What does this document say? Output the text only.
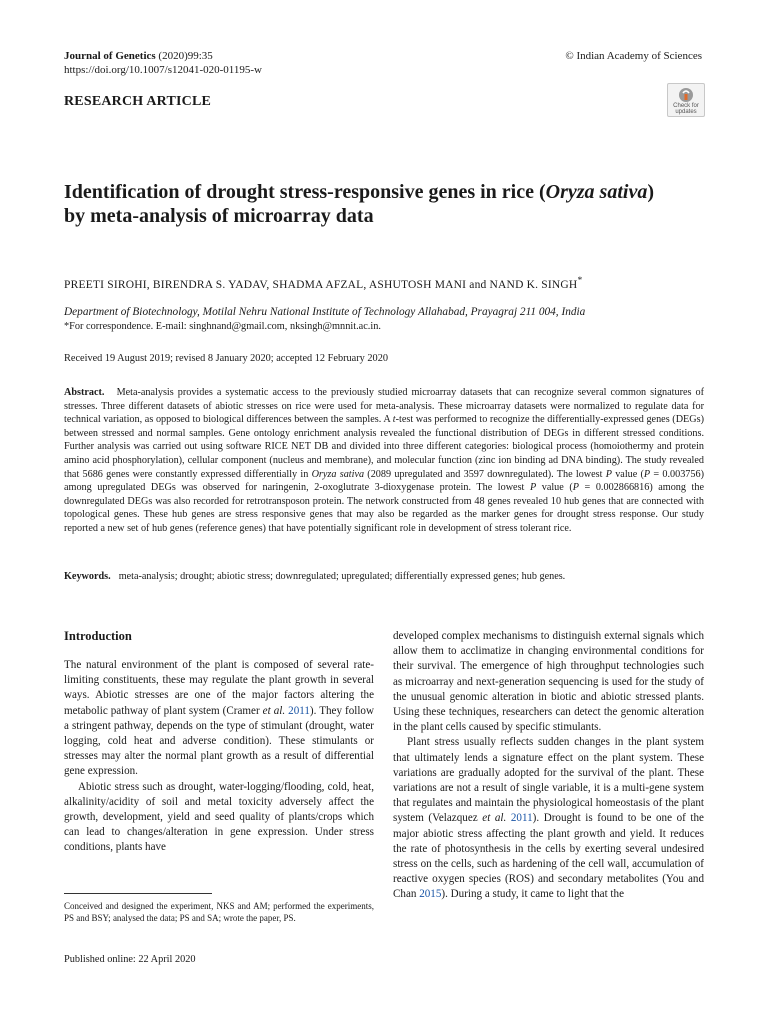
Journal of Genetics (2020)99:35
https://doi.org/10.1007/s12041-020-01195-w
© Indian Academy of Sciences
RESEARCH ARTICLE	Check for
updates
Identification of drought stress-responsive genes in rice (Oryza sativa)
by meta-analysis of microarray data
PREETI SIROHI, BIRENDRA S. YADAV, SHADMA AFZAL, ASHUTOSH MANI and NAND K. SINGH*
Department of Biotechnology, Motilal Nehru National Institute of Technology Allahabad, Prayagraj 211 004, India
*For correspondence. E-mail: singhnand@gmail.com, nksingh@mnnit.ac.in.
Received 19 August 2019; revised 8 January 2020; accepted 12 February 2020
Abstract. Meta-analysis provides a systematic access to the previously studied microarray datasets that can recognize several common signatures of stresses. Three different datasets of abiotic stresses on rice were used for meta-analysis. These microarray datasets were normalized to regulate data for technical variation, as opposed to biological differences between the samples. A t-test was performed to recognize the differentially-expressed genes (DEGs) between stressed and normal samples. Gene ontology enrichment analysis revealed the functional distribution of DEGs in different stressed conditions. Further analysis was carried out using software RICE NET DB and divided into three different categories: biological process (homoiothermy and protein amino acid phosphorylation), cellular component (nucleus and membrane), and molecular function (zinc ion binding ad DNA binding). The study revealed that 5686 genes were constantly expressed differentially in Oryza sativa (2089 upregulated and 3597 downregulated). The lowest P value (P = 0.003756) among upregulated DEGs was observed for naringenin, 2-oxoglutrate 3-dioxygenase protein. The lowest P value (P = 0.002866816) among the downregulated DEGs was also recorded for retrotransposon protein. The network constructed from 48 genes revealed 10 hub genes that are connected with topological genes. These hub genes are stress responsive genes that may also be regarded as the marker genes for drought stress response. Our study reported a new set of hub genes (reference genes) that have potentially significant role in development of stress tolerant rice.
Keywords. meta-analysis; drought; abiotic stress; downregulated; upregulated; differentially expressed genes; hub genes.
Introduction

The natural environment of the plant is composed of several rate-limiting constituents, these may regulate the plant growth in several ways. Abiotic stresses are one of the major factors altering the metabolic pathway of plant system (Cramer et al. 2011). They follow a stringent pathway, depends on the type of stimulant (drought, water logging, cold heat and adverse condition). These stimulants or stresses may alter the normal plant growth as a result of differential gene expression.

Abiotic stress such as drought, water-logging/flooding, cold, heat, alkalinity/acidity of soil and metal toxicity adversely affect the growth, development, yield and seed quality of plants/crops which can lead to changes/alteration in gene expression. Under stress conditions, plants have

developed complex mechanisms to distinguish external signals which allow them to acclimatize in changing environmental conditions for their survival. The emergence of high throughput technologies such as microarray and next-generation sequencing is used for the study of the unusual genomic alteration in biotic and abiotic stressed plants. Using these techniques, researchers can detect the genomic alteration in the plant cells caused by specific stimulants.

Plant stress usually reflects sudden changes in the plant system that ultimately lends a signature effect on the plant system. These variations are gradually adopted for the survival of the plant. These variations are not a result of single variable, it is a multi-gene system that regulates and maintain the physiological homeostasis of the plant system (Velazquez et al. 2011). Drought is found to be one of the major abiotic stress affecting the plant growth and yield. It reduces the rate of photosynthesis in the cells by exerting several undesired stress on the cells, such as hardening of the cell wall, accumulation of reactive oxygen species (ROS) and secondary metabolites (You and Chan 2015). During a study, it came to light that the

Conceived and designed the experiment, NKS and AM; performed the experiments, PS and BSY; analysed the data; PS and SA; wrote the paper, PS.
Published online: 22 April 2020
